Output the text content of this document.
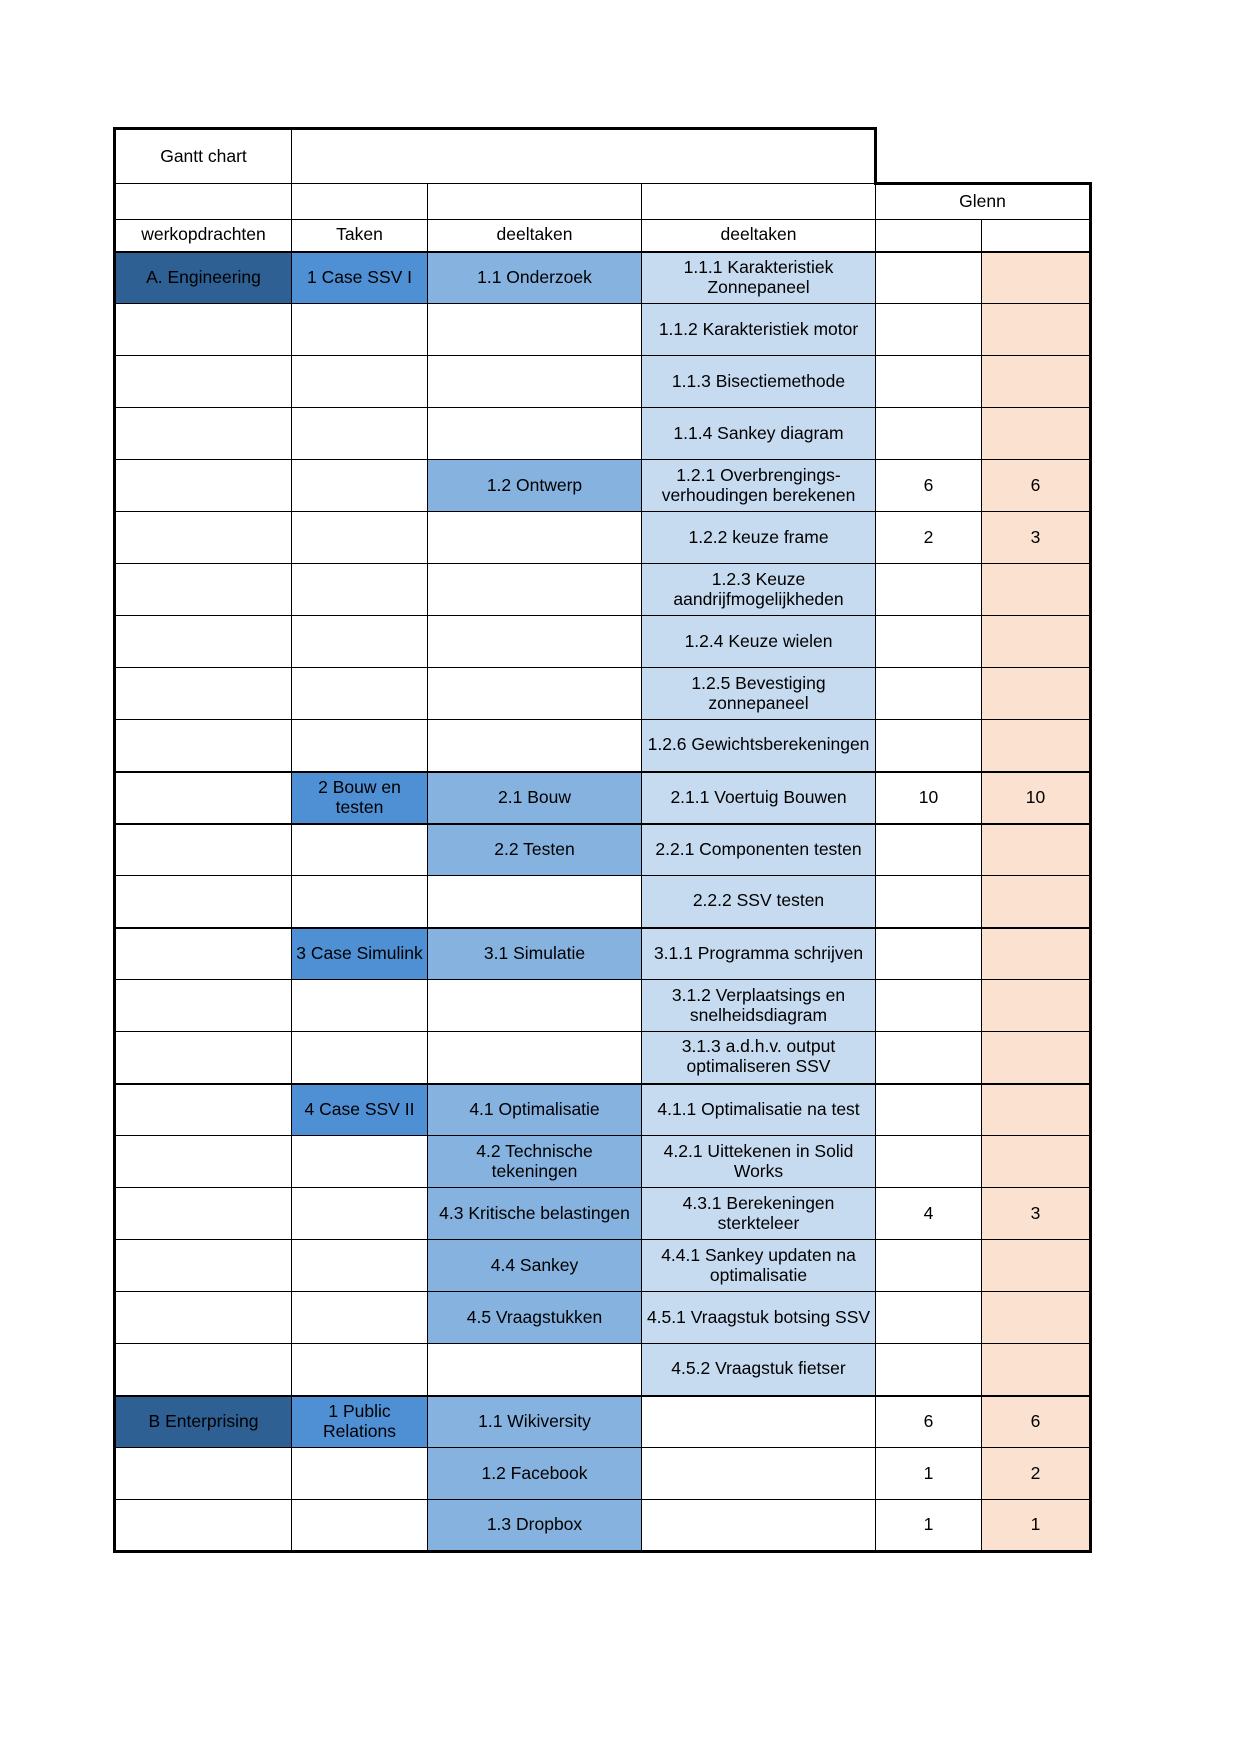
Gantt chart					
				Glenn	
werkopdrachten	Taken	deeltaken	deeltaken		
A. Engineering	1 Case SSV I	1.1 Onderzoek	1.1.1 Karakteristiek Zonnepaneel		
			1.1.2 Karakteristiek motor		
			1.1.3 Bisectiemethode		
			1.1.4 Sankey diagram		
		1.2 Ontwerp	1.2.1 Overbrengings-verhoudingen berekenen	6	6
			1.2.2 keuze frame	2	3
			1.2.3 Keuze aandrijfmogelijkheden		
			1.2.4 Keuze wielen		
			1.2.5 Bevestiging zonnepaneel		
			1.2.6 Gewichtsberekeningen		
	2 Bouw en testen	2.1 Bouw	2.1.1 Voertuig Bouwen	10	10
		2.2 Testen	2.2.1 Componenten testen		
			2.2.2 SSV testen		
	3 Case Simulink	3.1 Simulatie	3.1.1 Programma schrijven		
			3.1.2 Verplaatsings en snelheidsdiagram		
			3.1.3 a.d.h.v. output optimaliseren SSV		
	4 Case SSV II	4.1 Optimalisatie	4.1.1 Optimalisatie na test		
		4.2 Technische tekeningen	4.2.1 Uittekenen in Solid Works		
		4.3 Kritische belastingen	4.3.1 Berekeningen sterkteleer	4	3
		4.4 Sankey	4.4.1 Sankey updaten na optimalisatie		
		4.5 Vraagstukken	4.5.1 Vraagstuk botsing SSV		
			4.5.2 Vraagstuk fietser		
B Enterprising	1 Public Relations	1.1 Wikiversity		6	6
		1.2 Facebook		1	2
		1.3 Dropbox		1	1
